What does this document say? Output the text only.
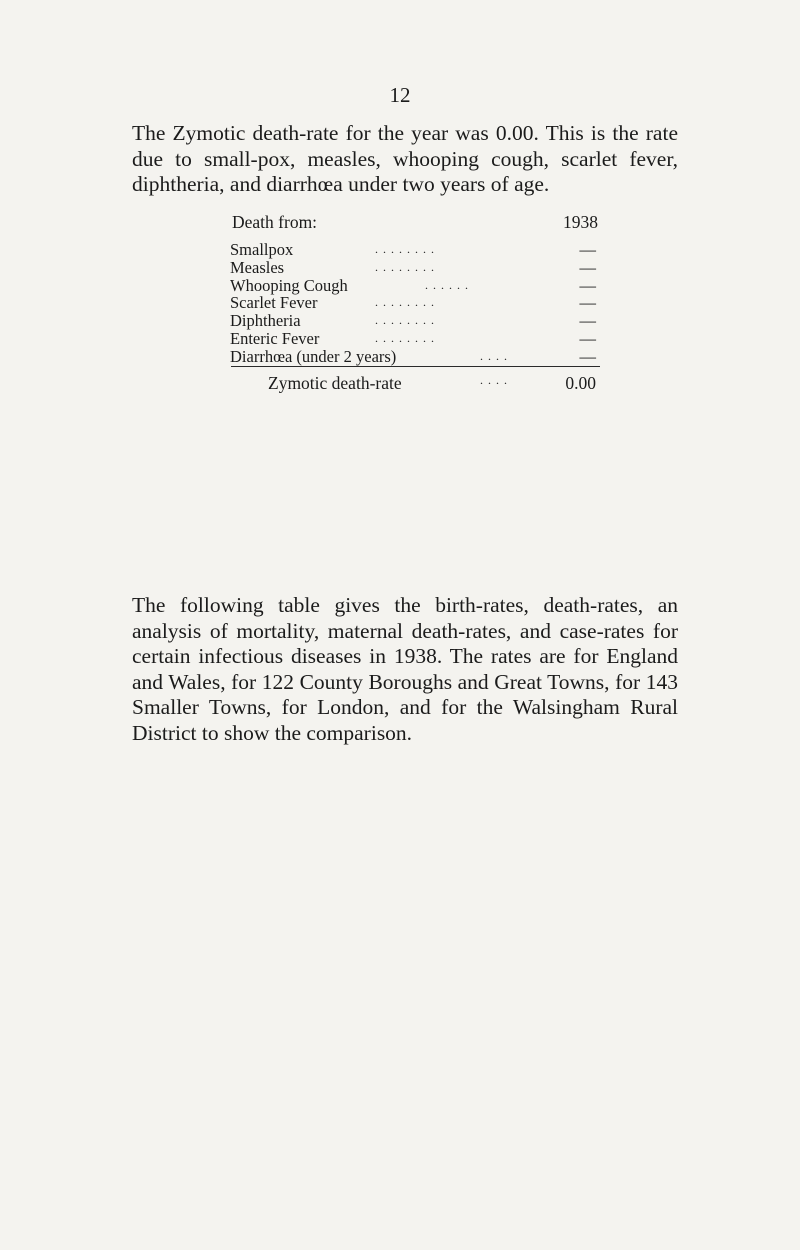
12

The Zymotic death-rate for the year was 0.00. This is the rate due to small-pox, measles, whooping cough, scarlet fever, diphtheria, and diarrhœa under two years of age.

Death from:	1938
Smallpox	. . . . . . . .	—
Measles	. . . . . . . .	—
Whooping Cough	. . . . . .	—
Scarlet Fever	. . . . . . . .	—
Diphtheria	. . . . . . . .	—
Enteric Fever	. . . . . . . .	—
Diarrhœa (under 2 years)	. . . .	—
Zymotic death-rate	. . . .	0.00

The following table gives the birth-rates, death-rates, an analysis of mortality, maternal death-rates, and case-rates for certain infectious diseases in 1938. The rates are for England and Wales, for 122 County Boroughs and Great Towns, for 143 Smaller Towns, for London, and for the Walsingham Rural District to show the comparison.
